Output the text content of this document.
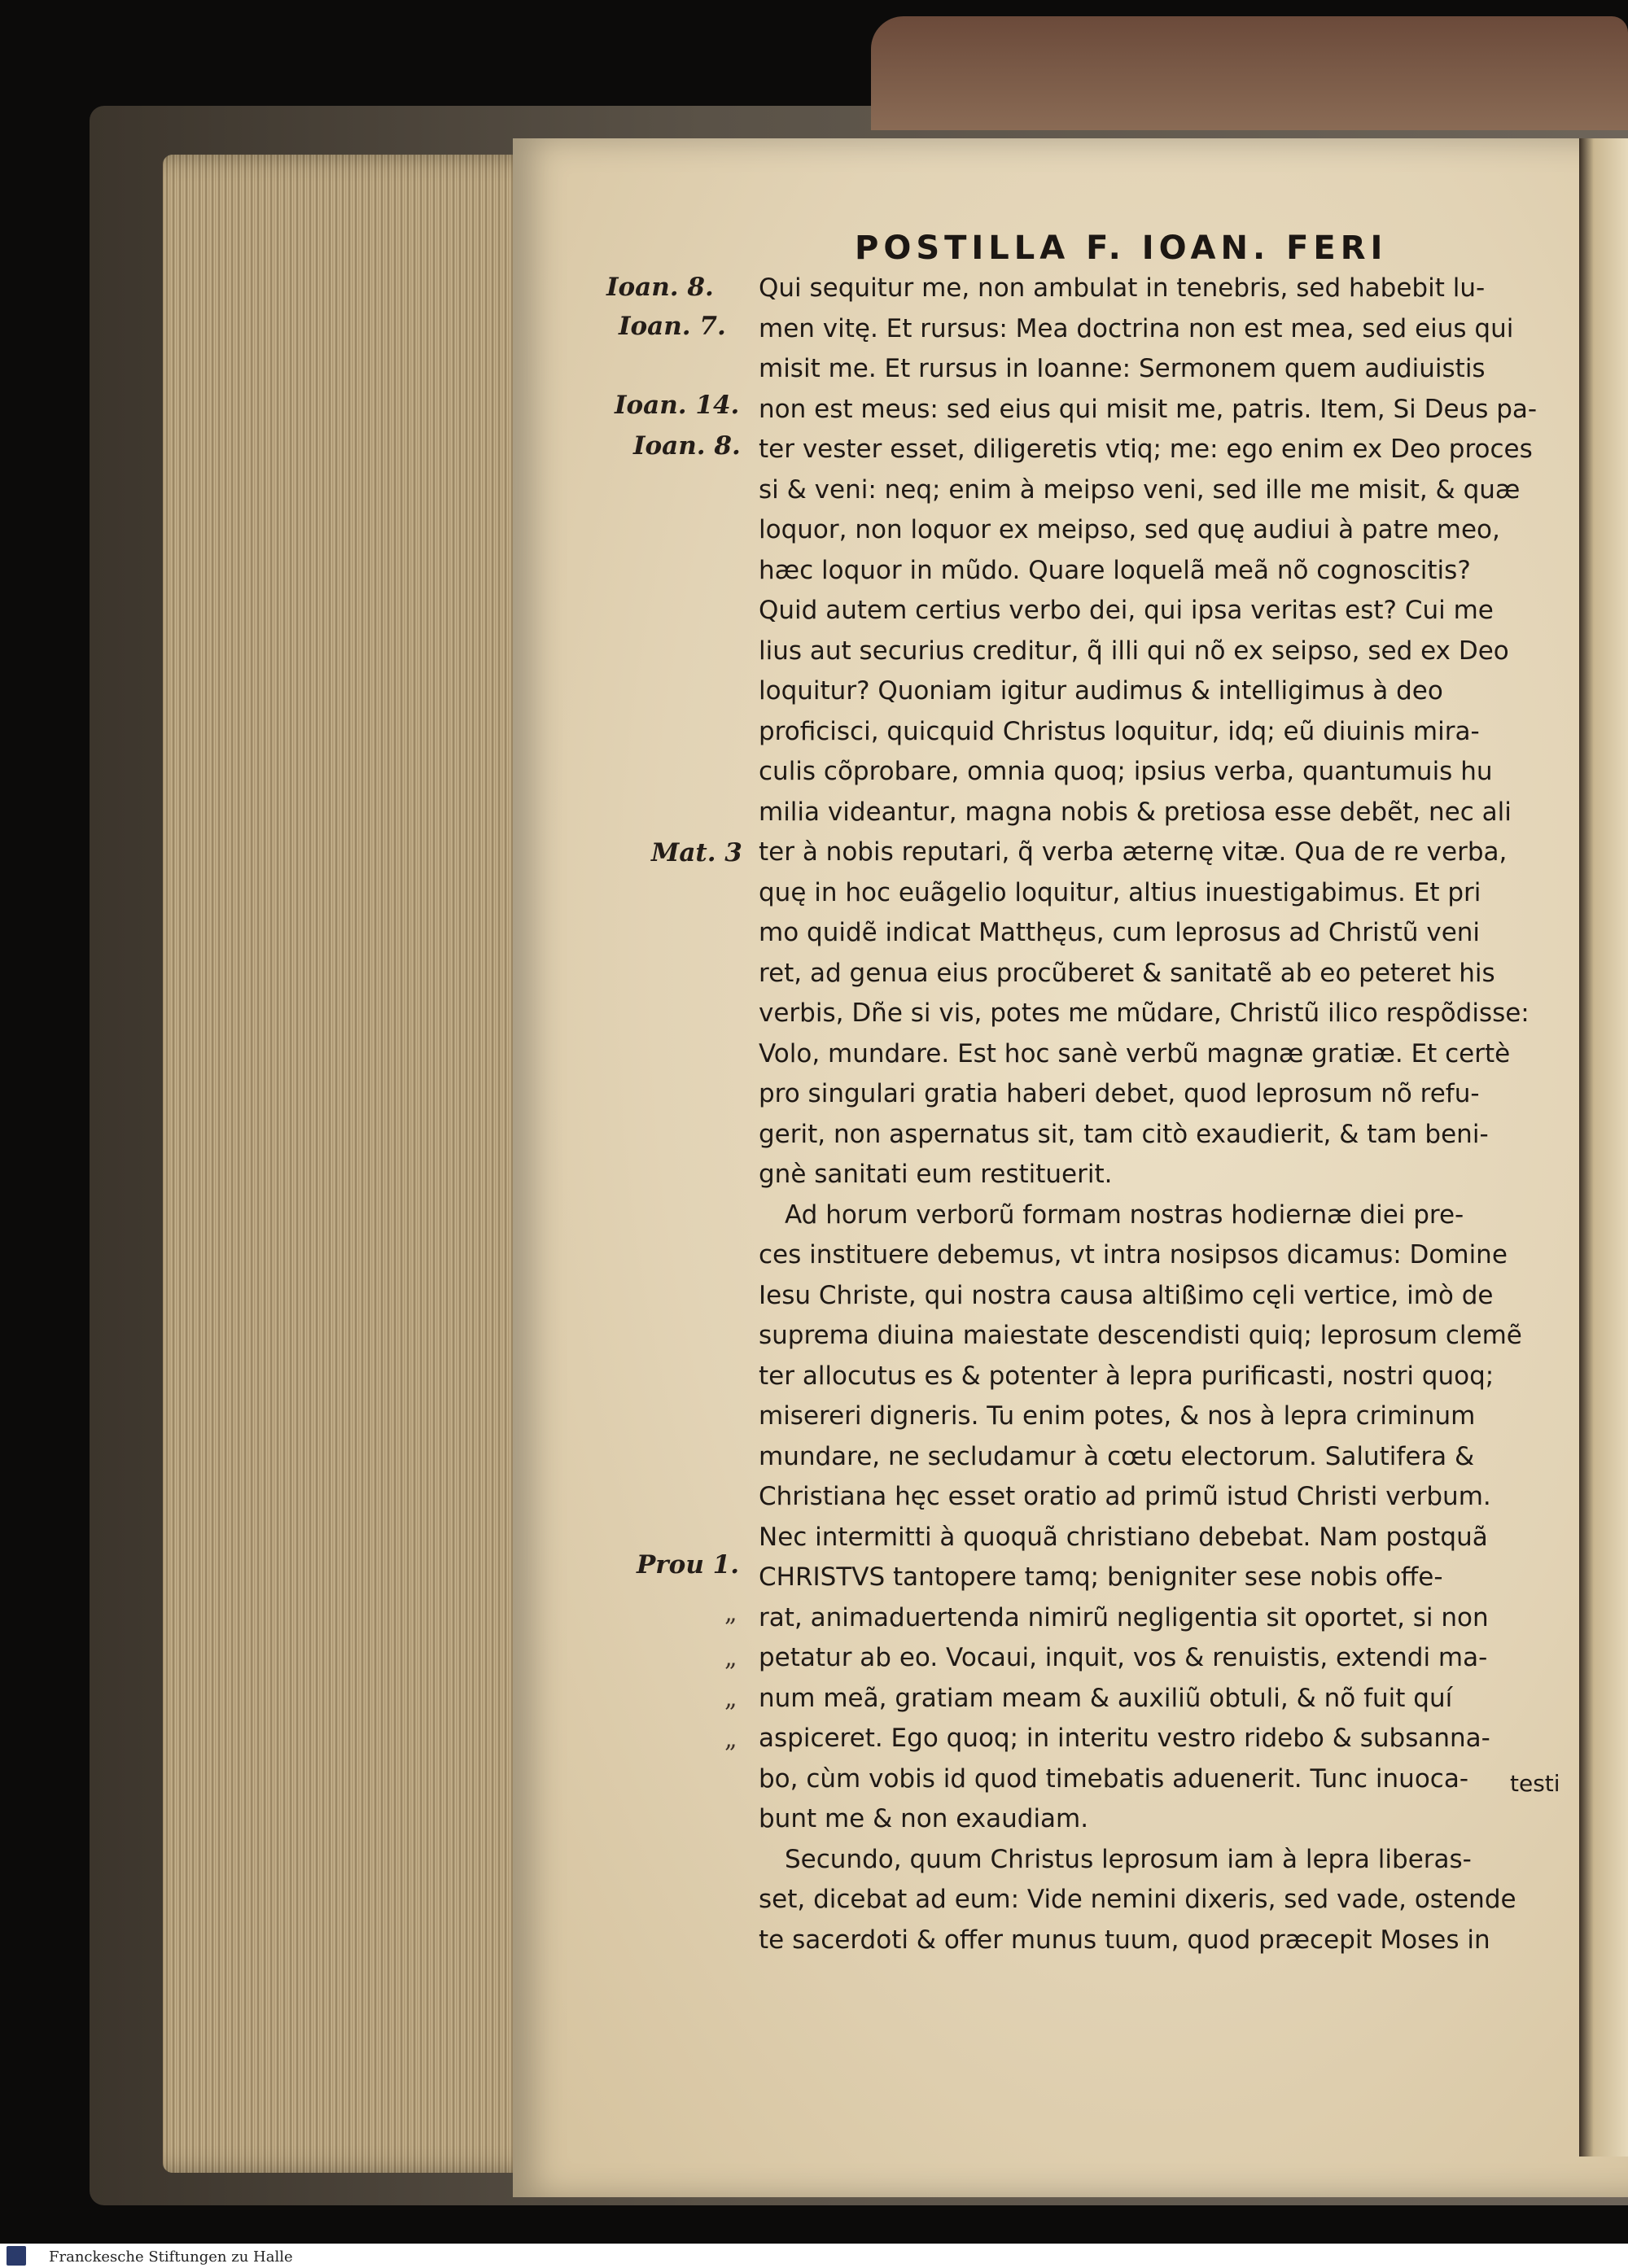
POSTILLA F. IOAN. FERI
Ioan. 8.
Ioan. 7.
Ioan. 14.
Ioan. 8.
Mat. 3
Prou 1.
„
„
„
„
Qui sequitur me, non ambulat in tenebris, sed habebit lu-
men vitę. Et rursus: Mea doctrina non est mea, sed eius qui
misit me. Et rursus in Ioanne: Sermonem quem audiuistis
non est meus: sed eius qui misit me, patris. Item, Si Deus pa-
ter vester esset, diligeretis vtiq; me: ego enim ex Deo proces
si & veni: neq; enim à meipso veni, sed ille me misit, & quæ
loquor, non loquor ex meipso, sed quę audiui à patre meo,
hæc loquor in mũdo. Quare loquelã meã nõ cognoscitis?
Quid autem certius verbo dei, qui ipsa veritas est? Cui me
lius aut securius creditur, q̃ illi qui nõ ex seipso, sed ex Deo
loquitur? Quoniam igitur audimus & intelligimus à deo
proficisci, quicquid Christus loquitur, idq; eũ diuinis mira-
culis cõprobare, omnia quoq; ipsius verba, quantumuis hu
milia videantur, magna nobis & pretiosa esse debẽt, nec ali
ter à nobis reputari, q̃ verba æternę vitæ. Qua de re verba,
quę in hoc euãgelio loquitur, altius inuestigabimus. Et pri
mo quidẽ indicat Matthęus, cum leprosus ad Christũ veni
ret, ad genua eius procũberet & sanitatẽ ab eo peteret his
verbis, Dñe si vis, potes me mũdare, Christũ ilico respõdisse:
Volo, mundare. Est hoc sanè verbũ magnæ gratiæ. Et certè
pro singulari gratia haberi debet, quod leprosum nõ refu-
gerit, non aspernatus sit, tam citò exaudierit, & tam beni-
gnè sanitati eum restituerit.
Ad horum verborũ formam nostras hodiernæ diei pre-
ces instituere debemus, vt intra nosipsos dicamus: Domine
Iesu Christe, qui nostra causa altißimo cęli vertice, imò de
suprema diuina maiestate descendisti quiq; leprosum clemẽ
ter allocutus es & potenter à lepra purificasti, nostri quoq;
misereri digneris. Tu enim potes, & nos à lepra criminum
mundare, ne secludamur à cœtu electorum. Salutifera &
Christiana hęc esset oratio ad primũ istud Christi verbum.
Nec intermitti à quoquã christiano debebat. Nam postquã
CHRISTVS tantopere tamq; benigniter sese nobis offe-
rat, animaduertenda nimirũ negligentia sit oportet, si non
petatur ab eo. Vocaui, inquit, vos & renuistis, extendi ma-
num meã, gratiam meam & auxiliũ obtuli, & nõ fuit quí
aspiceret. Ego quoq; in interitu vestro ridebo & subsanna-
bo, cùm vobis id quod timebatis aduenerit. Tunc inuoca-
bunt me & non exaudiam.
Secundo, quum Christus leprosum iam à lepra liberas-
set, dicebat ad eum: Vide nemini dixeris, sed vade, ostende
te sacerdoti & offer munus tuum, quod præcepit Moses in
testi
Franckesche Stiftungen zu Halle
